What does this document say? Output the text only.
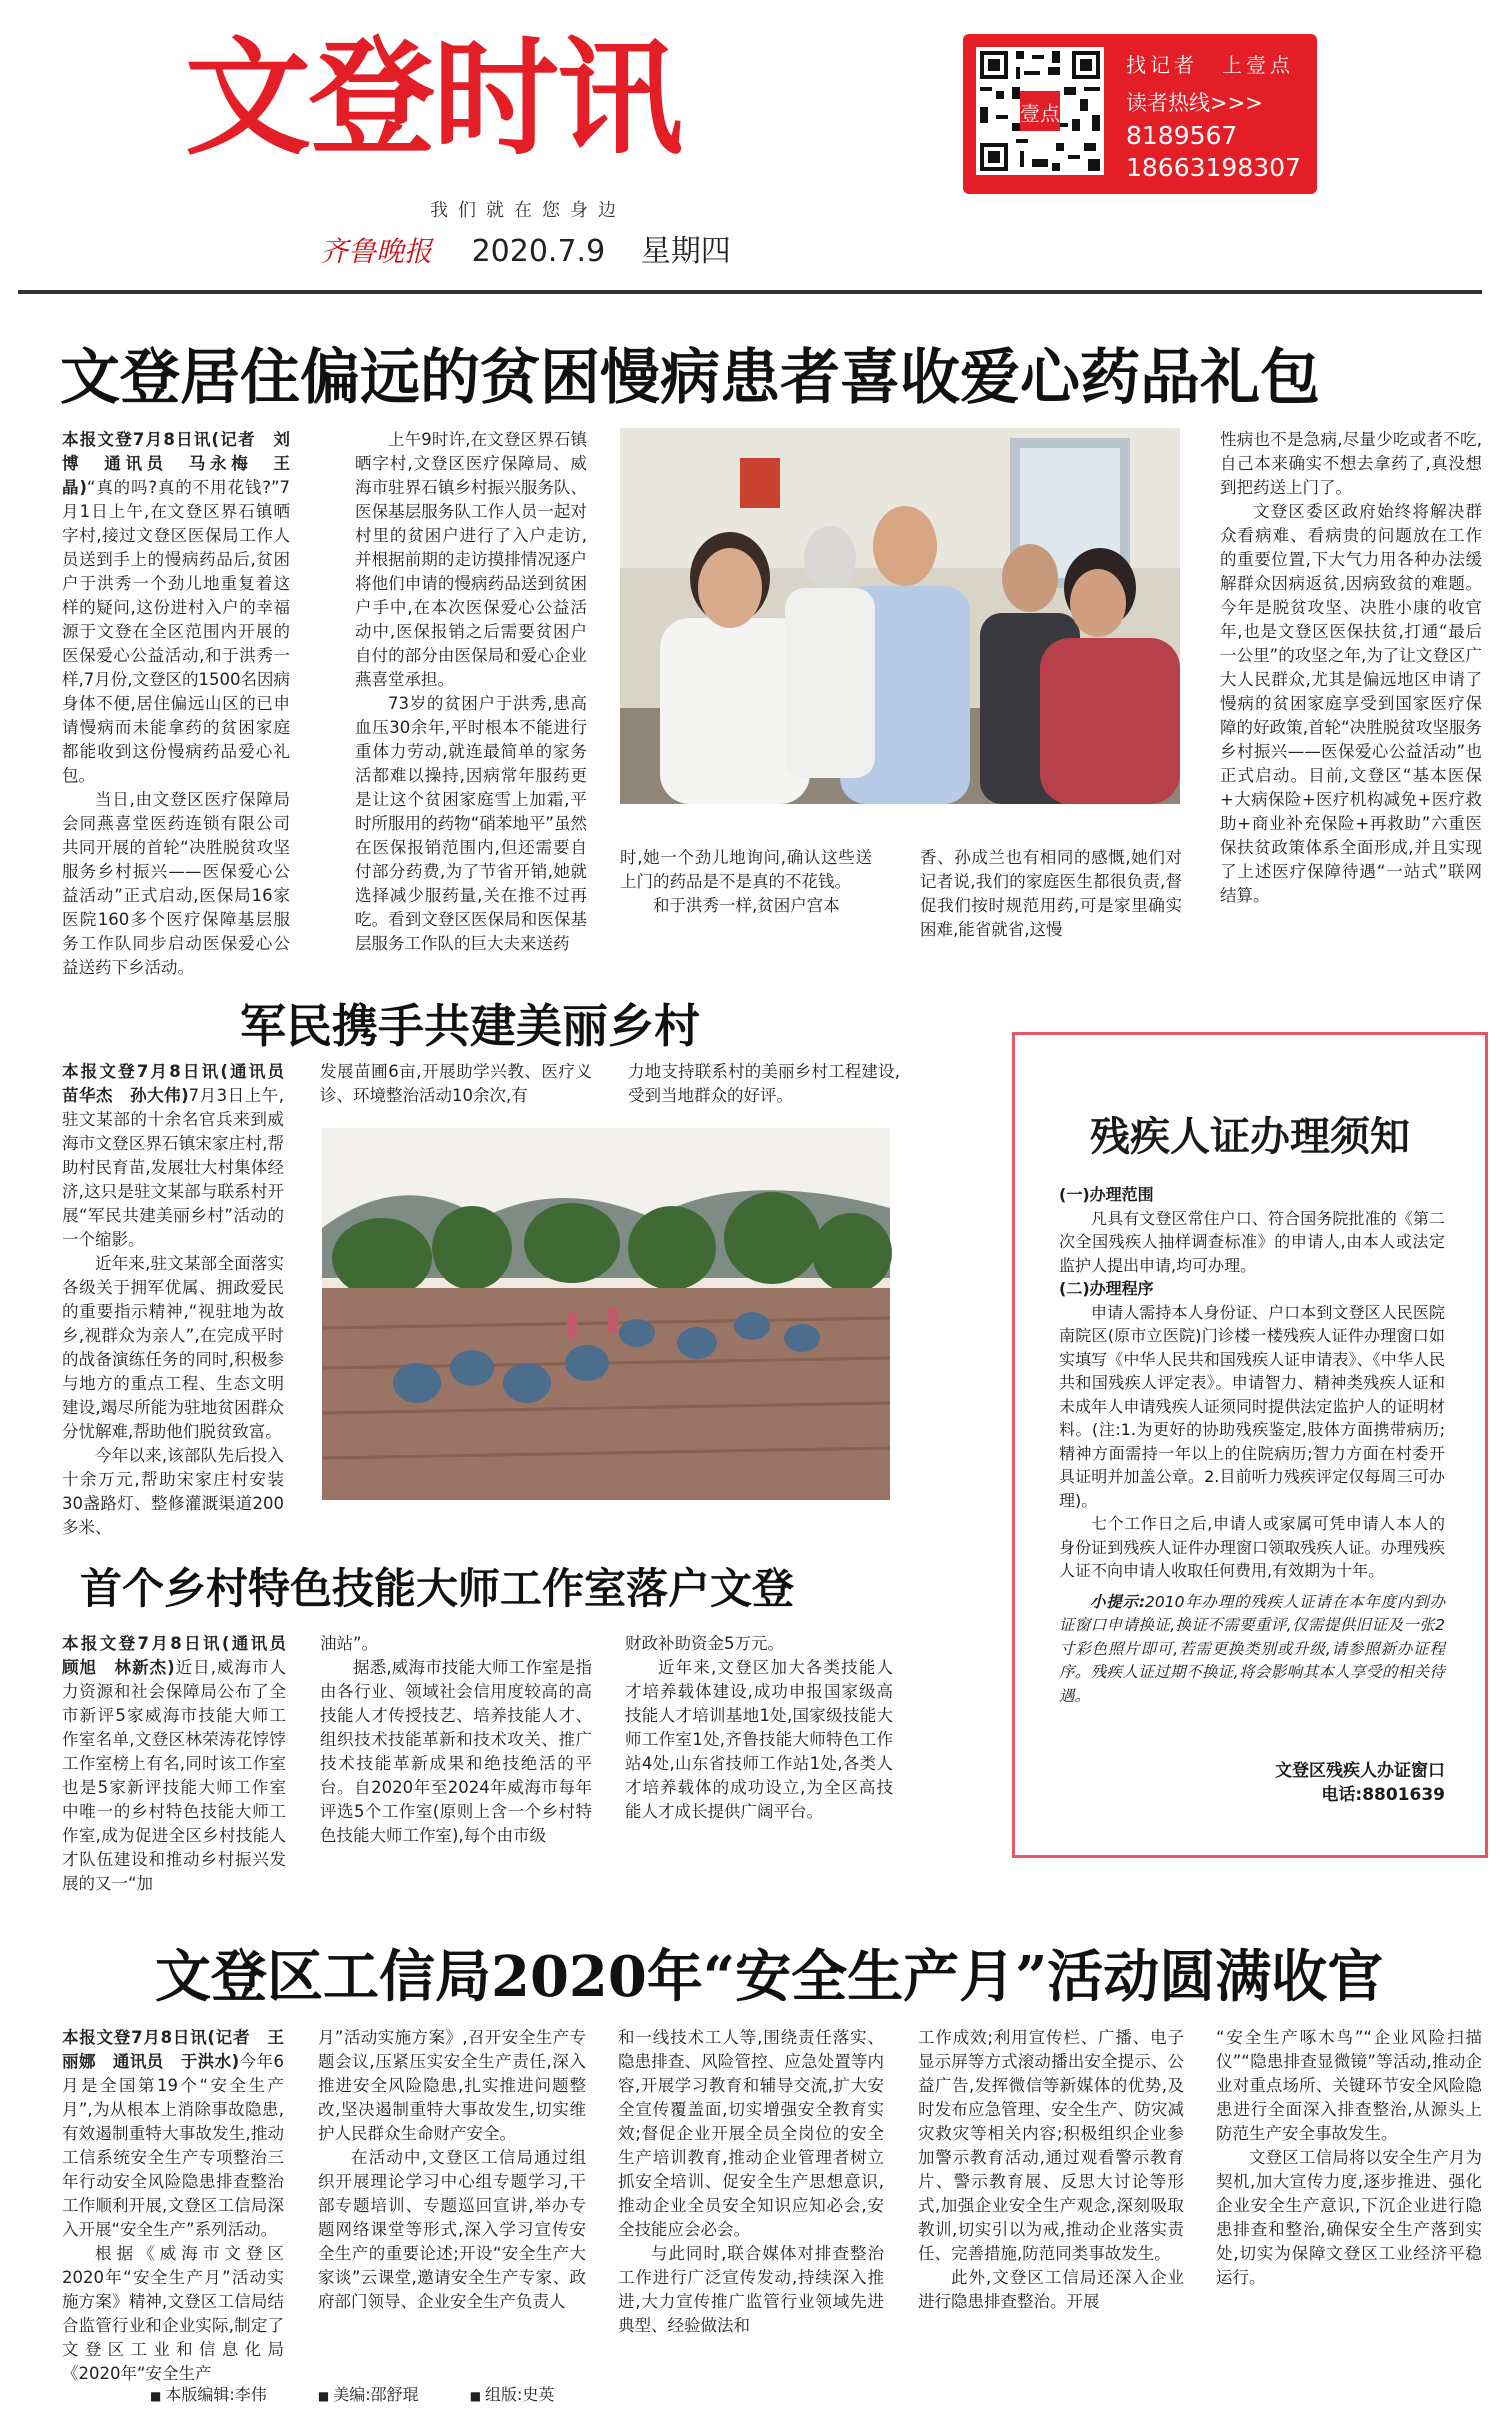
文登时讯
我们就在您身边
齐鲁晚报 2020.7.9 星期四
壹点
找记者　上壹点
读者热线>>>
8189567
18663198307
文登居住偏远的贫困慢病患者喜收爱心药品礼包

本报文登7月8日讯(记者　刘博　通讯员　马永梅　王晶)“真的吗?真的不用花钱?”7月1日上午,在文登区界石镇晒字村,接过文登区医保局工作人员送到手上的慢病药品后,贫困户于洪秀一个劲儿地重复着这样的疑问,这份进村入户的幸福源于文登在全区范围内开展的医保爱心公益活动,和于洪秀一样,7月份,文登区的1500名因病身体不便,居住偏远山区的已申请慢病而未能拿药的贫困家庭都能收到这份慢病药品爱心礼包。

当日,由文登区医疗保障局会同燕喜堂医药连锁有限公司共同开展的首轮“决胜脱贫攻坚服务乡村振兴——医保爱心公益活动”正式启动,医保局16家医院160多个医疗保障基层服务工作队同步启动医保爱心公益送药下乡活动。

上午9时许,在文登区界石镇晒字村,文登区医疗保障局、威海市驻界石镇乡村振兴服务队、医保基层服务队工作人员一起对村里的贫困户进行了入户走访,并根据前期的走访摸排情况逐户将他们申请的慢病药品送到贫困户手中,在本次医保爱心公益活动中,医保报销之后需要贫困户自付的部分由医保局和爱心企业燕喜堂承担。

73岁的贫困户于洪秀,患高血压30余年,平时根本不能进行重体力劳动,就连最简单的家务活都难以操持,因病常年服药更是让这个贫困家庭雪上加霜,平时所服用的药物“硝苯地平”虽然在医保报销范围内,但还需要自付部分药费,为了节省开销,她就选择减少服药量,关在推不过再吃。看到文登区医保局和医保基层服务工作队的巨大夫来送药

时,她一个劲儿地询问,确认这些送上门的药品是不是真的不花钱。

和于洪秀一样,贫困户宫本

香、孙成兰也有相同的感慨,她们对记者说,我们的家庭医生都很负责,督促我们按时规范用药,可是家里确实困难,能省就省,这慢

性病也不是急病,尽量少吃或者不吃,自己本来确实不想去拿药了,真没想到把药送上门了。

文登区委区政府始终将解决群众看病难、看病贵的问题放在工作的重要位置,下大气力用各种办法缓解群众因病返贫,因病致贫的难题。今年是脱贫攻坚、决胜小康的收官年,也是文登区医保扶贫,打通“最后一公里”的攻坚之年,为了让文登区广大人民群众,尤其是偏远地区申请了慢病的贫困家庭享受到国家医疗保障的好政策,首轮“决胜脱贫攻坚服务乡村振兴——医保爱心公益活动”也正式启动。目前,文登区“基本医保+大病保险+医疗机构减免+医疗救助+商业补充保险+再救助”六重医保扶贫政策体系全面形成,并且实现了上述医疗保障待遇“一站式”联网结算。

军民携手共建美丽乡村

本报文登7月8日讯(通讯员　苗华杰　孙大伟)7月3日上午,驻文某部的十余名官兵来到威海市文登区界石镇宋家庄村,帮助村民育苗,发展壮大村集体经济,这只是驻文某部与联系村开展“军民共建美丽乡村”活动的一个缩影。

近年来,驻文某部全面落实各级关于拥军优属、拥政爱民的重要指示精神,“视驻地为故乡,视群众为亲人”,在完成平时的战备演练任务的同时,积极参与地方的重点工程、生态文明建设,竭尽所能为驻地贫困群众分忧解难,帮助他们脱贫致富。

今年以来,该部队先后投入十余万元,帮助宋家庄村安装30盏路灯、整修灌溉渠道200多米、

发展苗圃6亩,开展助学兴教、医疗义诊、环境整治活动10余次,有

力地支持联系村的美丽乡村工程建设,受到当地群众的好评。

首个乡村特色技能大师工作室落户文登

本报文登7月8日讯(通讯员　顾旭　林新杰)近日,威海市人力资源和社会保障局公布了全市新评5家威海市技能大师工作室名单,文登区林荣涛花饽饽工作室榜上有名,同时该工作室也是5家新评技能大师工作室中唯一的乡村特色技能大师工作室,成为促进全区乡村技能人才队伍建设和推动乡村振兴发展的又一“加

油站”。

据悉,威海市技能大师工作室是指由各行业、领域社会信用度较高的高技能人才传授技艺、培养技能人才、组织技术技能革新和技术攻关、推广技术技能革新成果和绝技绝活的平台。自2020年至2024年威海市每年评选5个工作室(原则上含一个乡村特色技能大师工作室),每个由市级

财政补助资金5万元。

近年来,文登区加大各类技能人才培养载体建设,成功申报国家级高技能人才培训基地1处,国家级技能大师工作室1处,齐鲁技能大师特色工作站4处,山东省技师工作站1处,各类人才培养载体的成功设立,为全区高技能人才成长提供广阔平台。

残疾人证办理须知
(一)办理范围

凡具有文登区常住户口、符合国务院批准的《第二次全国残疾人抽样调查标准》的申请人,由本人或法定监护人提出申请,均可办理。

(二)办理程序

申请人需持本人身份证、户口本到文登区人民医院南院区(原市立医院)门诊楼一楼残疾人证件办理窗口如实填写《中华人民共和国残疾人证申请表》、《中华人民共和国残疾人评定表》。申请智力、精神类残疾人证和未成年人申请残疾人证须同时提供法定监护人的证明材料。(注:1.为更好的协助残疾鉴定,肢体方面携带病历;精神方面需持一年以上的住院病历;智力方面在村委开具证明并加盖公章。2.目前听力残疾评定仅每周三可办理)。

七个工作日之后,申请人或家属可凭申请人本人的身份证到残疾人证件办理窗口领取残疾人证。办理残疾人证不向申请人收取任何费用,有效期为十年。

小提示:2010年办理的残疾人证请在本年度内到办证窗口申请换证,换证不需要重评,仅需提供旧证及一张2寸彩色照片即可,若需更换类别或升级,请参照新办证程序。残疾人证过期不换证,将会影响其本人享受的相关待遇。

文登区残疾人办证窗口
电话:8801639
文登区工信局2020年“安全生产月”活动圆满收官

本报文登7月8日讯(记者　王丽娜　通讯员　于洪水)今年6月是全国第19个“安全生产月”,为从根本上消除事故隐患,有效遏制重特大事故发生,推动工信系统安全生产专项整治三年行动安全风险隐患排查整治工作顺利开展,文登区工信局深入开展“安全生产”系列活动。

根据《威海市文登区2020年“安全生产月”活动实施方案》精神,文登区工信局结合监管行业和企业实际,制定了文登区工业和信息化局《2020年“安全生产

月”活动实施方案》,召开安全生产专题会议,压紧压实安全生产责任,深入推进安全风险隐患,扎实推进问题整改,坚决遏制重特大事故发生,切实维护人民群众生命财产安全。

在活动中,文登区工信局通过组织开展理论学习中心组专题学习,干部专题培训、专题巡回宣讲,举办专题网络课堂等形式,深入学习宣传安全生产的重要论述;开设“安全生产大家谈”云课堂,邀请安全生产专家、政府部门领导、企业安全生产负责人

和一线技术工人等,围绕责任落实、隐患排查、风险管控、应急处置等内容,开展学习教育和辅导交流,扩大安全宣传覆盖面,切实增强安全教育实效;督促企业开展全员全岗位的安全生产培训教育,推动企业管理者树立抓安全培训、促安全生产思想意识,推动企业全员安全知识应知必会,安全技能应会必会。

与此同时,联合媒体对排查整治工作进行广泛宣传发动,持续深入推进,大力宣传推广监管行业领域先进典型、经验做法和

工作成效;利用宣传栏、广播、电子显示屏等方式滚动播出安全提示、公益广告,发挥微信等新媒体的优势,及时发布应急管理、安全生产、防灾减灾救灾等相关内容;积极组织企业参加警示教育活动,通过观看警示教育片、警示教育展、反思大讨论等形式,加强企业安全生产观念,深刻吸取教训,切实引以为戒,推动企业落实责任、完善措施,防范同类事故发生。

此外,文登区工信局还深入企业进行隐患排查整治。开展

“安全生产啄木鸟”“企业风险扫描仪”“隐患排查显微镜”等活动,推动企业对重点场所、关键环节安全风险隐患进行全面深入排查整治,从源头上防范生产安全事故发生。

文登区工信局将以安全生产月为契机,加大宣传力度,逐步推进、强化企业安全生产意识,下沉企业进行隐患排查和整治,确保安全生产落到实处,切实为保障文登区工业经济平稳运行。

■ 本版编辑:李伟	■ 美编:邵舒琨	■ 组版:史英
